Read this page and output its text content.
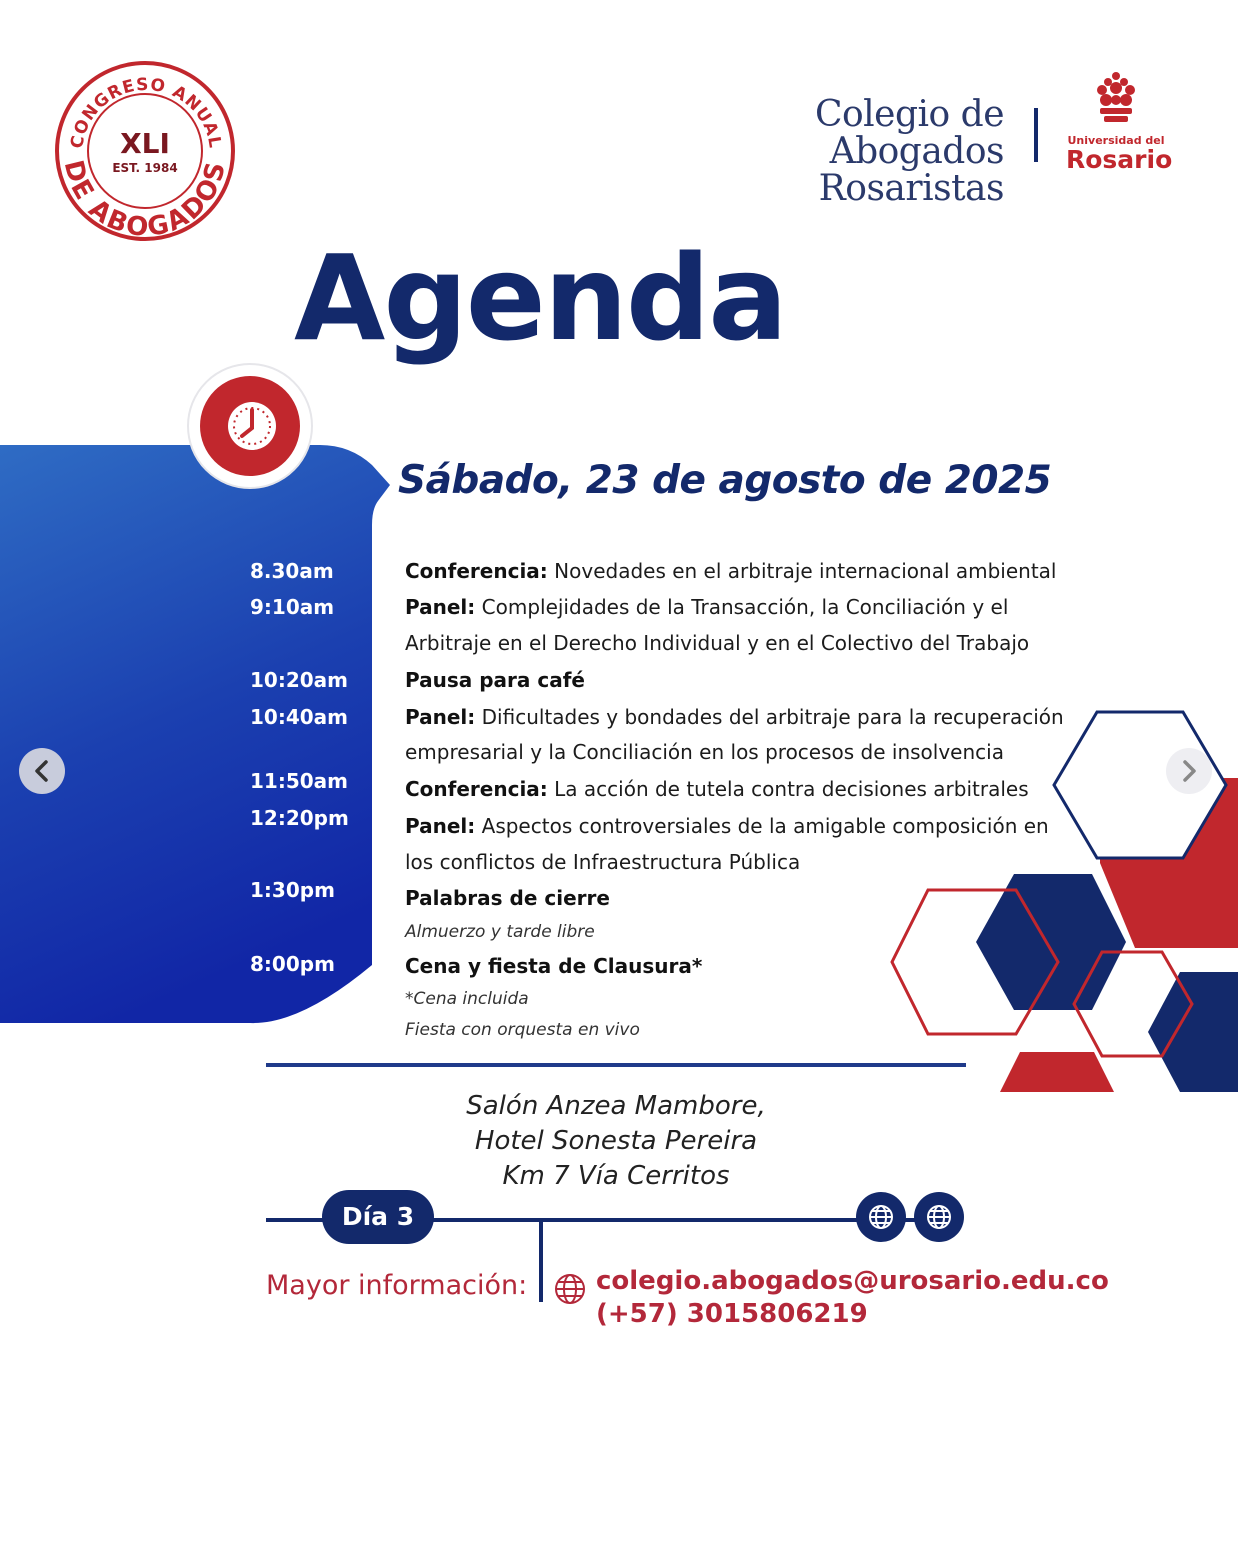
CONGRESO ANUAL
DE ABOGADOS
XLI
EST. 1984
Colegio de
Abogados Rosaristas
Universidad del
Rosario
Agenda
Sábado, 23 de agosto de 2025
8.30am
9:10am
10:20am
10:40am
11:50am
12:20pm
1:30pm
8:00pm
Conferencia: Novedades en el arbitraje internacional ambiental
Panel: Complejidades de la Transacción, la Conciliación y el
Arbitraje en el Derecho Individual y en el Colectivo del Trabajo
Pausa para café
Panel: Dificultades y bondades del arbitraje para la recuperación
empresarial y la Conciliación en los procesos de insolvencia
Conferencia: La acción de tutela contra decisiones arbitrales
Panel: Aspectos controversiales de la amigable composición en
los conflictos de Infraestructura Pública
Palabras de cierre
Almuerzo y tarde libre
Cena y fiesta de Clausura*
*Cena incluida
Fiesta con orquesta en vivo
Salón Anzea Mambore,
Hotel Sonesta Pereira
Km 7 Vía Cerritos
Día 3
Mayor información:	colegio.abogados@urosario.edu.co
(+57) 3015806219
